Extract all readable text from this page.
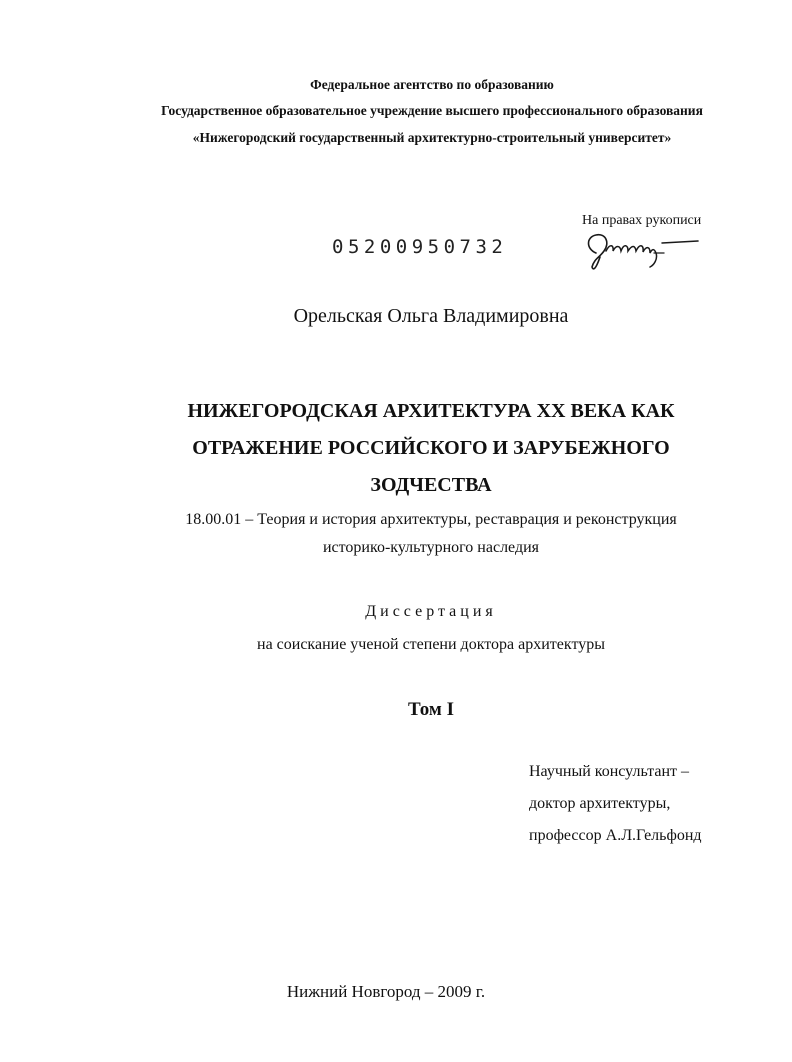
Федеральное агентство по образованию
Государственное образовательное учреждение высшего профессионального образования
«Нижегородский государственный архитектурно-строительный университет»
На правах рукописи
05200950732
Орельская Ольга Владимировна
НИЖЕГОРОДСКАЯ АРХИТЕКТУРА XX ВЕКА КАК
ОТРАЖЕНИЕ РОССИЙСКОГО И ЗАРУБЕЖНОГО
ЗОДЧЕСТВА
18.00.01 – Теория и история архитектуры, реставрация и реконструкция
историко-культурного наследия
Диссертация
на соискание ученой степени доктора архитектуры
Том I
Научный консультант –
доктор архитектуры,
профессор А.Л.Гельфонд
Нижний Новгород – 2009 г.
